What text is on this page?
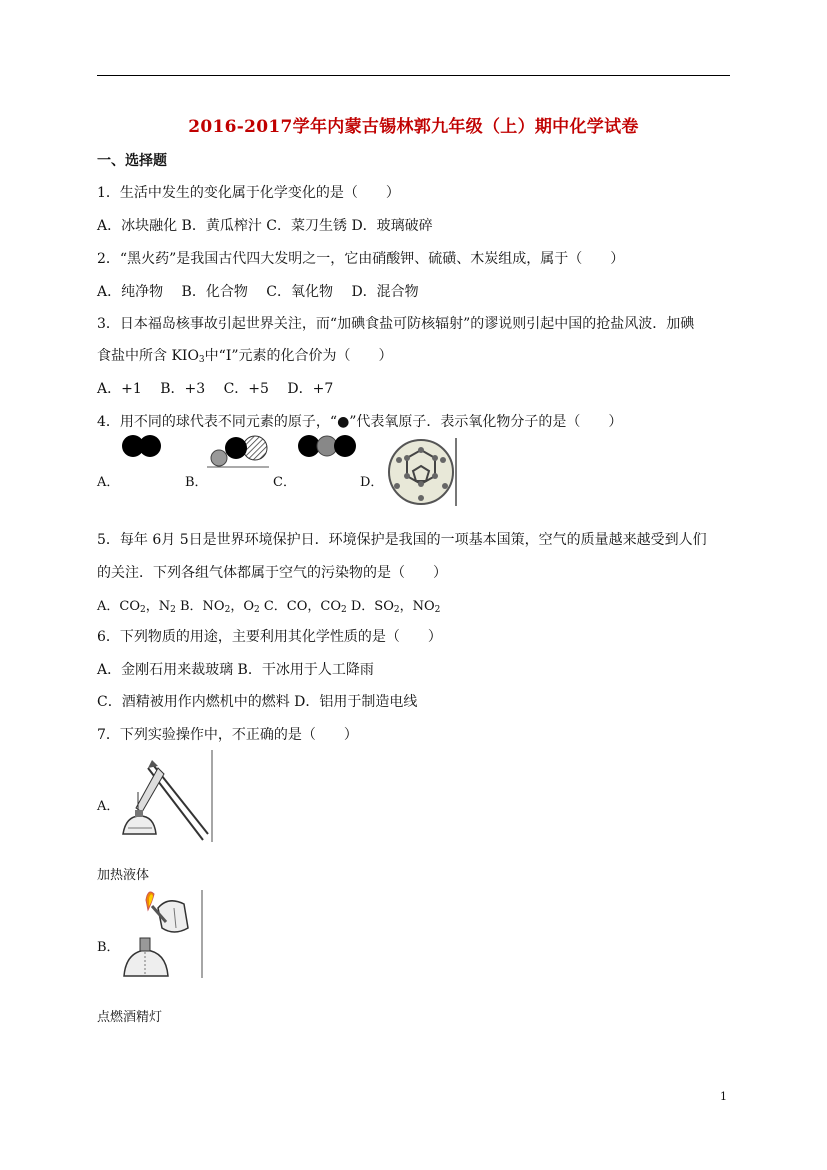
2016-2017学年内蒙古锡林郭九年级（上）期中化学试卷
一、选择题
1．生活中发生的变化属于化学变化的是（　　）
A．冰块融化 B．黄瓜榨汁 C．菜刀生锈 D．玻璃破碎
2．“黑火药”是我国古代四大发明之一，它由硝酸钾、硫磺、木炭组成，属于（　　）
A．纯净物　 B．化合物　 C．氧化物　 D．混合物
3．日本福岛核事故引起世界关注，而“加碘食盐可防核辐射”的谬说则引起中国的抢盐风波．加碘
食盐中所含 $KIO_3$中“I”元素的化合价为（　　）
A．+1　 B．+3　 C．+5　 D．+7
4．用不同的球代表不同元素的原子，“●”代表氧原子．表示氧化物分子的是（　　）
A．	B．	C．	D．
5．每年 6月 5日是世界环境保护日．环境保护是我国的一项基本国策，空气的质量越来越受到人们
的关注．下列各组气体都属于空气的污染物的是（　　）
A．$CO_2$，$N_2$ B．$NO_2$，$O_2$ C．CO，$CO_2$ D．$SO_2$，$NO_2$
6．下列物质的用途，主要利用其化学性质的是（　　）
A．金刚石用来裁玻璃 B．干冰用于人工降雨
C．酒精被用作内燃机中的燃料 D．铝用于制造电线
7．下列实验操作中，不正确的是（　　）
A．
加热液体
B．
点燃酒精灯
1
